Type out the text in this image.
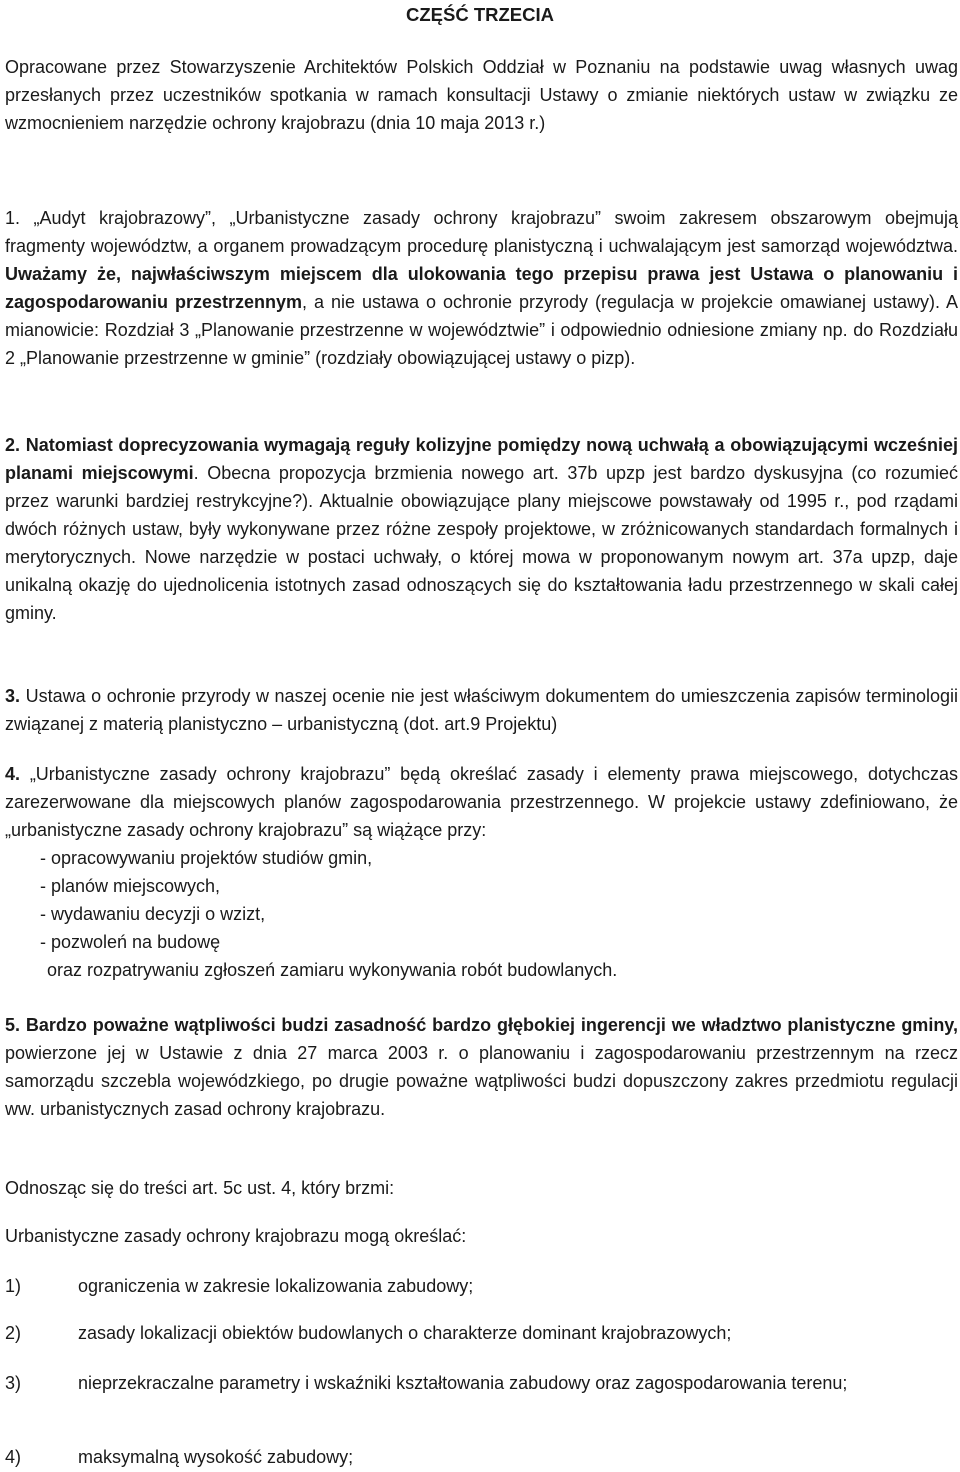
CZĘŚĆ TRZECIA

Opracowane przez Stowarzyszenie Architektów Polskich Oddział w Poznaniu na podstawie uwag własnych uwag przesłanych przez uczestników spotkania w ramach konsultacji Ustawy o zmianie niektórych ustaw w związku ze wzmocnieniem narzędzie ochrony krajobrazu (dnia 10 maja 2013 r.)

1. „Audyt krajobrazowy”, „Urbanistyczne zasady ochrony krajobrazu” swoim zakresem obszarowym obejmują fragmenty województw, a organem prowadzącym procedurę planistyczną i uchwalającym jest samorząd województwa. Uważamy że, najwłaściwszym miejscem dla ulokowania tego przepisu prawa jest Ustawa o planowaniu i zagospodarowaniu przestrzennym, a nie ustawa o ochronie przyrody (regulacja w projekcie omawianej ustawy). A mianowicie: Rozdział 3 „Planowanie przestrzenne w województwie” i odpowiednio odniesione zmiany np. do Rozdziału 2 „Planowanie przestrzenne w gminie” (rozdziały obowiązującej ustawy o pizp).

2. Natomiast doprecyzowania wymagają reguły kolizyjne pomiędzy nową uchwałą a obowiązującymi wcześniej planami miejscowymi. Obecna propozycja brzmienia nowego art. 37b upzp jest bardzo dyskusyjna (co rozumieć przez warunki bardziej restrykcyjne?). Aktualnie obowiązujące plany miejscowe powstawały od 1995 r., pod rządami dwóch różnych ustaw, były wykonywane przez różne zespoły projektowe, w zróżnicowanych standardach formalnych i merytorycznych. Nowe narzędzie w postaci uchwały, o której mowa w proponowanym nowym art. 37a upzp, daje unikalną okazję do ujednolicenia istotnych zasad odnoszących się do kształtowania ładu przestrzennego w skali całej gminy.

3. Ustawa o ochronie przyrody w naszej ocenie nie jest właściwym dokumentem do umieszczenia zapisów terminologii związanej z materią planistyczno – urbanistyczną (dot. art.9 Projektu)

4. „Urbanistyczne zasady ochrony krajobrazu” będą określać zasady i elementy prawa miejscowego, dotychczas zarezerwowane dla miejscowych planów zagospodarowania przestrzennego. W projekcie ustawy zdefiniowano, że „urbanistyczne zasady ochrony krajobrazu” są wiążące przy:

- opracowywaniu projektów studiów gmin,
- planów miejscowych,
- wydawaniu decyzji o wzizt,
- pozwoleń na budowę
oraz rozpatrywaniu zgłoszeń zamiaru wykonywania robót budowlanych.

5. Bardzo poważne wątpliwości budzi zasadność bardzo głębokiej ingerencji we władztwo planistyczne gminy, powierzone jej w Ustawie z dnia 27 marca 2003 r. o planowaniu i zagospodarowaniu przestrzennym na rzecz samorządu szczebla wojewódzkiego, po drugie poważne wątpliwości budzi dopuszczony zakres przedmiotu regulacji ww. urbanistycznych zasad ochrony krajobrazu.

Odnosząc się do treści art. 5c ust. 4, który brzmi:

Urbanistyczne zasady ochrony krajobrazu mogą określać:

1)	ograniczenia w zakresie lokalizowania zabudowy;
2)	zasady lokalizacji obiektów budowlanych o charakterze dominant krajobrazowych;
3)	nieprzekraczalne parametry i wskaźniki kształtowania zabudowy oraz zagospodarowania terenu;
4)	maksymalną wysokość zabudowy;
